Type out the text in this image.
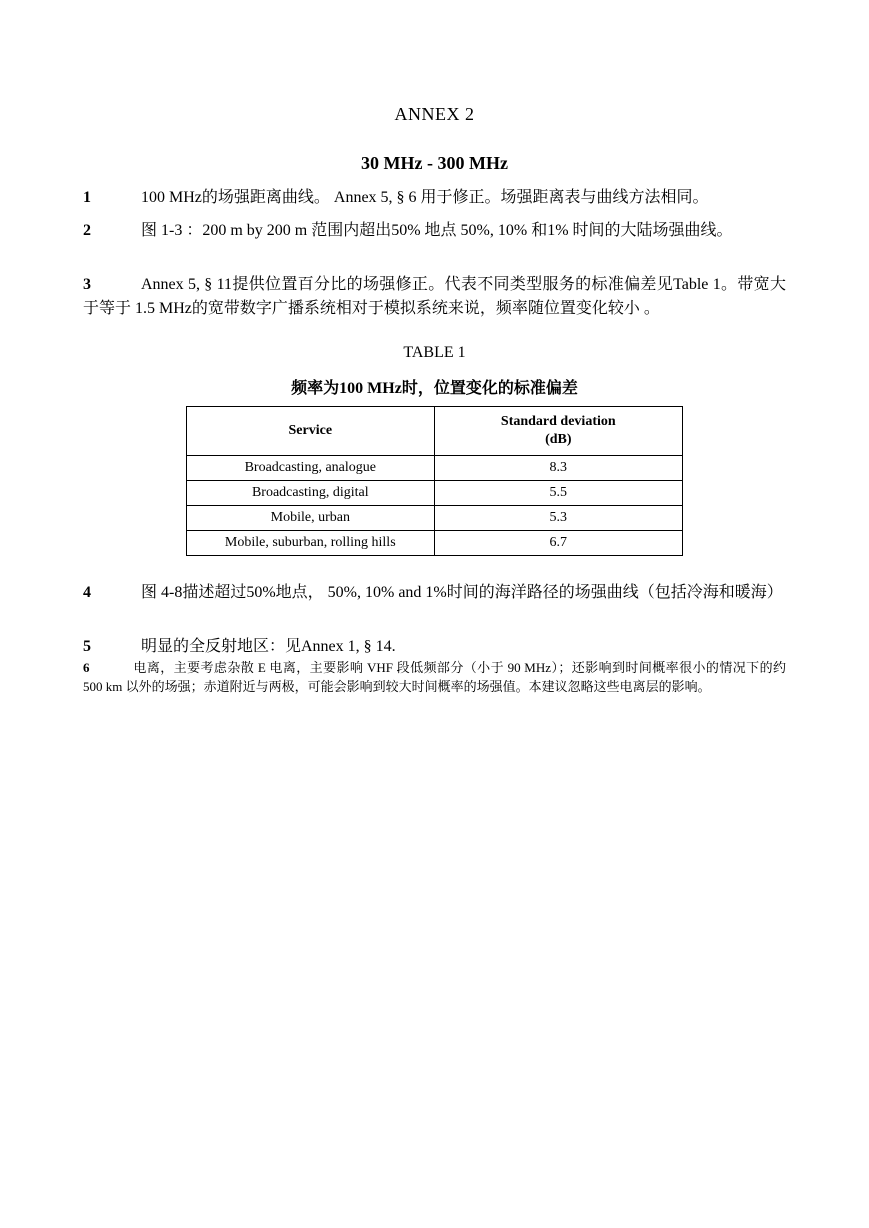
ANNEX 2
30 MHz - 300 MHz
1	100 MHz的场强距离曲线。 Annex 5, § 6 用于修正。场强距离表与曲线方法相同。
2	图 1-3 ：200 m by 200 m 范围内超出50% 地点 50%, 10% 和1% 时间的大陆场强曲线。
3	Annex 5, § 11提供位置百分比的场强修正。代表不同类型服务的标准偏差见Table 1。带宽大于等于 1.5 MHz的宽带数字广播系统相对于模拟系统来说，频率随位置变化较小 。
TABLE 1
频率为100 MHz时，位置变化的标准偏差
Service	Standard deviation
(dB)

Broadcasting, analogue	8.3
Broadcasting, digital	5.5
Mobile, urban	5.3
Mobile, suburban, rolling hills	6.7
4	图 4-8描述超过50%地点， 50%, 10% and 1%时间的海洋路径的场强曲线（包括冷海和暖海）
5	明显的全反射地区：见Annex 1, § 14.
6	电离，主要考虑杂散 E 电离，主要影响 VHF 段低频部分（小于 90 MHz）；还影响到时间概率很小的情况下的约 500 km 以外的场强；赤道附近与两极，可能会影响到较大时间概率的场强值。本建议忽略这些电离层的影响。
